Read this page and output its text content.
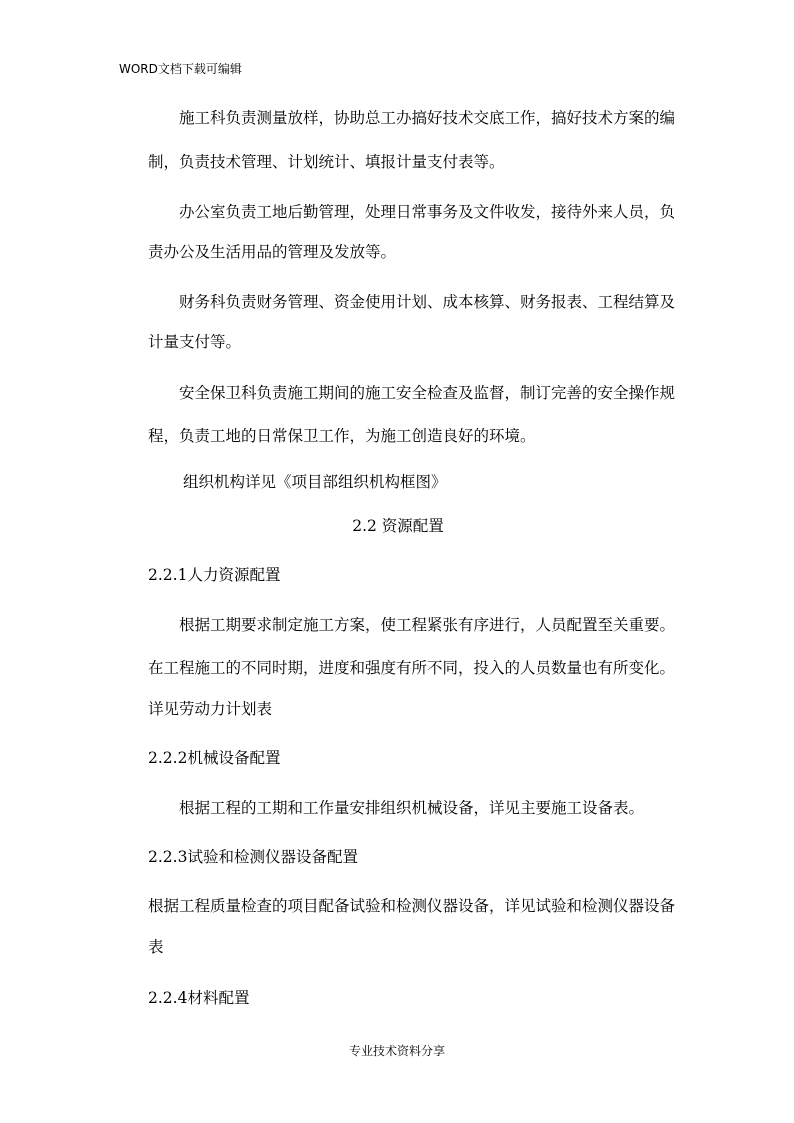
WORD文档下载可编辑
施工科负责测量放样，协助总工办搞好技术交底工作，搞好技术方案的编
制，负责技术管理、计划统计、填报计量支付表等。
办公室负责工地后勤管理，处理日常事务及文件收发，接待外来人员，负
责办公及生活用品的管理及发放等。
财务科负责财务管理、资金使用计划、成本核算、财务报表、工程结算及
计量支付等。
安全保卫科负责施工期间的施工安全检查及监督，制订完善的安全操作规
程，负责工地的日常保卫工作，为施工创造良好的环境。
组织机构详见《项目部组织机构框图》
2.2 资源配置
2.2.1人力资源配置
根据工期要求制定施工方案，使工程紧张有序进行，人员配置至关重要。
在工程施工的不同时期，进度和强度有所不同，投入的人员数量也有所变化。
详见劳动力计划表
2.2.2机械设备配置
根据工程的工期和工作量安排组织机械设备，详见主要施工设备表。
2.2.3试验和检测仪器设备配置
根据工程质量检查的项目配备试验和检测仪器设备，详见试验和检测仪器设备
表
2.2.4材料配置
专业技术资料分享
